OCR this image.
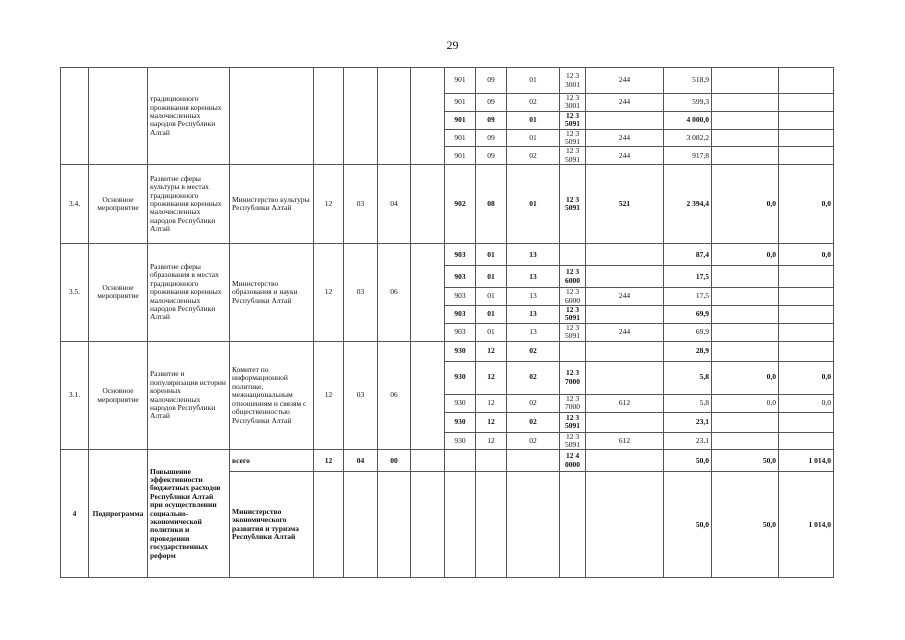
29
		традиционного проживания коренных малочисленных народов Республики Алтай						901	09	01	12 3 3001	244	518,9			
								901	09	02	12 3 3001	244	599,3			
								901	09	01	12 3 5091		4 000,0			
								901	09	01	12 3 5091	244	3 082,2			
								901	09	02	12 3 5091	244	917,8			
3.4.	Основное мероприятие	Развитие сферы культуры в местах традиционного проживания коренных малочисленных народов Республики Алтай	Министерство культуры Республики Алтай	12	03	04		902	08	01	12 3 5091	521	2 394,4	0,0	0,0	
3.5.	Основное мероприятие	Развитие сферы образования в местах традиционного проживания коренных малочисленных народов Республики Алтай	Министерство образования и науки Республики Алтай	12	03	06		903	01	13			87,4	0,0	0,0	
								903	01	13	12 3 6000		17,5			
								903	01	13	12 3 6000	244	17,5			
								903	01	13	12 3 5091		69,9			
								903	01	13	12 3 5091	244	69,9			
3.1.	Основное мероприятие	Развитие и популяризация истории коренных малочисленных народов Республики Алтай	Комитет по информационной политике, межнациональным отношениям и связям с общественностью Республики Алтай	12	03	06		930	12	02			28,9			
								930	12	02	12 3 7000		5,8	0,0	0,0	
								930	12	02	12 3 7000	612	5,8	0,0	0,0	
								930	12	02	12 3 5091		23,1			
								930	12	02	12 3 5091	612	23,1			
4	Подпрограмма	Повышение эффективности бюджетных расходов Республики Алтай при осуществлении социально-экономической политики и проведении государственных реформ	всего	12	04	00					12 4 0000		50,0	50,0	1 014,0	
			Министерство экономического развития и туризма Республики Алтай										50,0	50,0	1 014,0	
